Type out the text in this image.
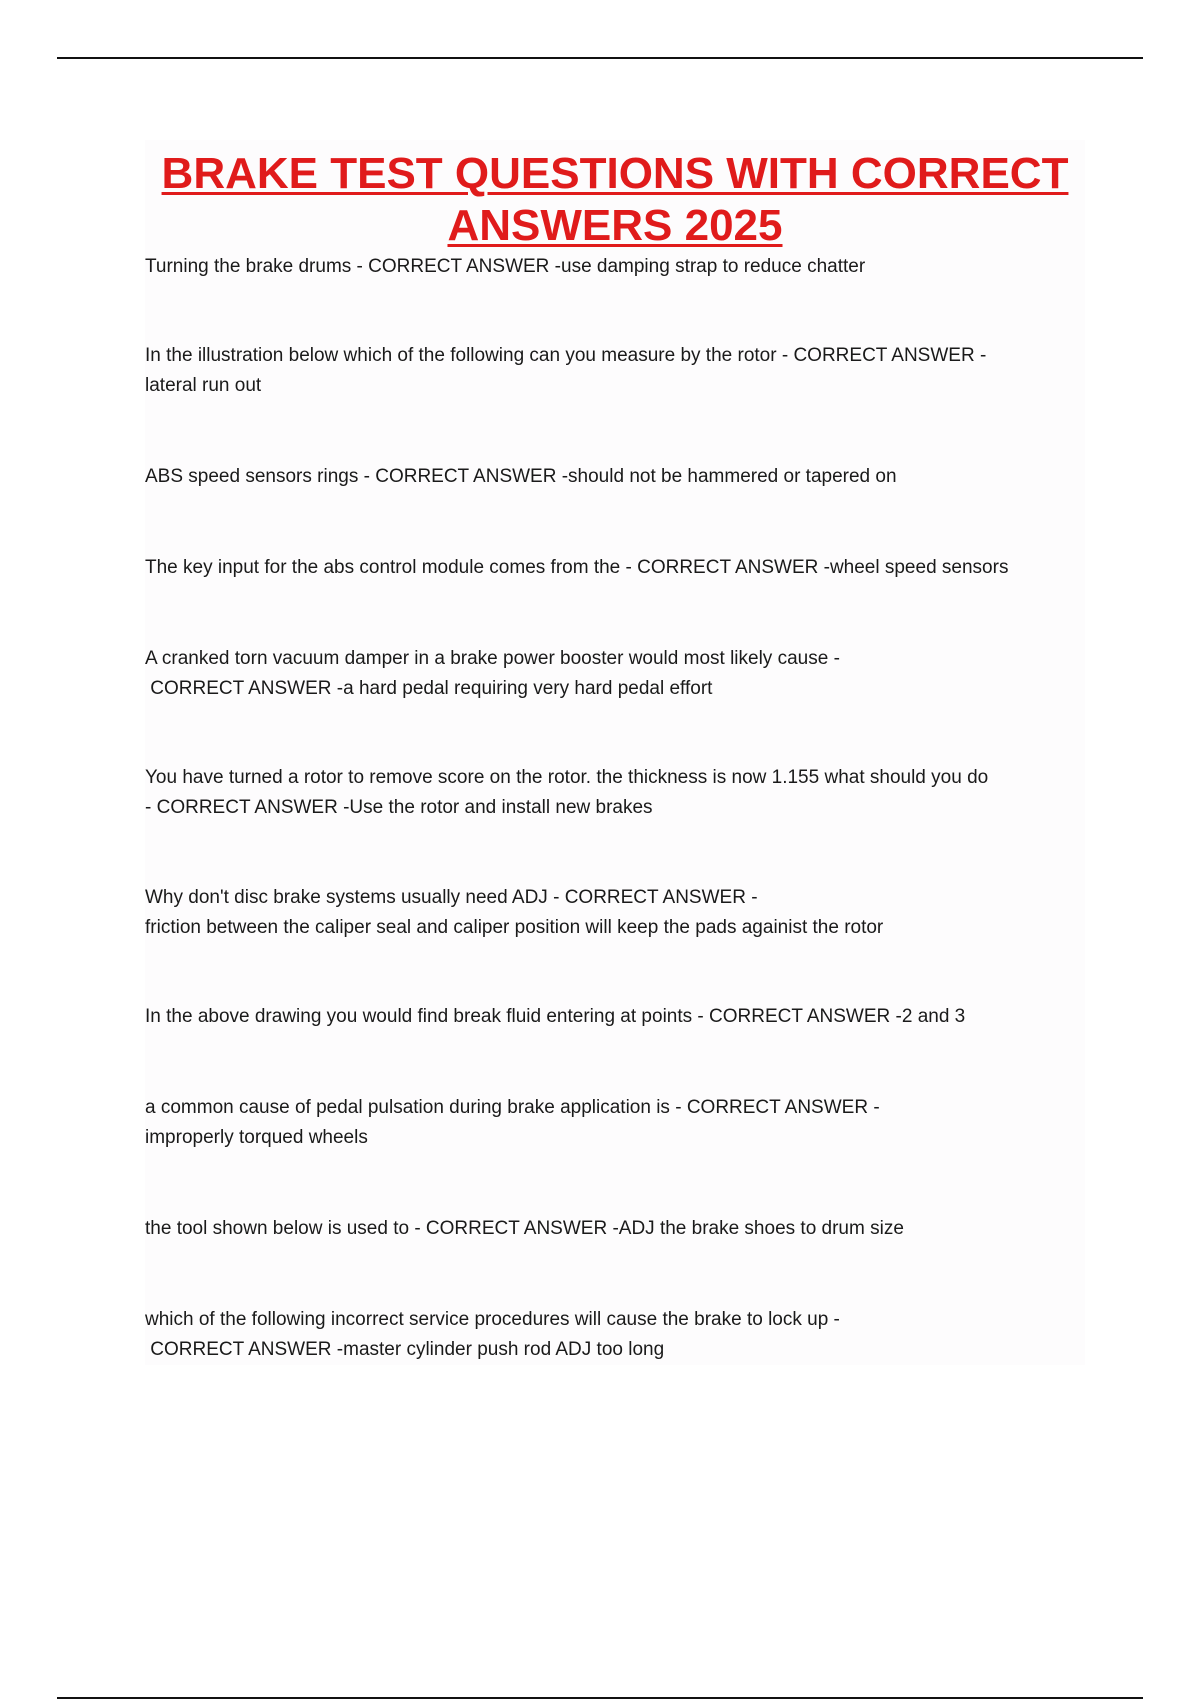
BRAKE TEST QUESTIONS WITH CORRECT ANSWERS 2025

Turning the brake drums - CORRECT ANSWER -use damping strap to reduce chatter

In the illustration below which of the following can you measure by the rotor - CORRECT ANSWER -

lateral run out

ABS speed sensors rings - CORRECT ANSWER -should not be hammered or tapered on

The key input for the abs control module comes from the - CORRECT ANSWER -wheel speed sensors

A cranked torn vacuum damper in a brake power booster would most likely cause -

CORRECT ANSWER -a hard pedal requiring very hard pedal effort

You have turned a rotor to remove score on the rotor. the thickness is now 1.155 what should you do

- CORRECT ANSWER -Use the rotor and install new brakes

Why don't disc brake systems usually need ADJ - CORRECT ANSWER -

friction between the caliper seal and caliper position will keep the pads againist the rotor

In the above drawing you would find break fluid entering at points - CORRECT ANSWER -2 and 3

a common cause of pedal pulsation during brake application is - CORRECT ANSWER -

improperly torqued wheels

the tool shown below is used to - CORRECT ANSWER -ADJ the brake shoes to drum size

which of the following incorrect service procedures will cause the brake to lock up -

CORRECT ANSWER -master cylinder push rod ADJ too long
